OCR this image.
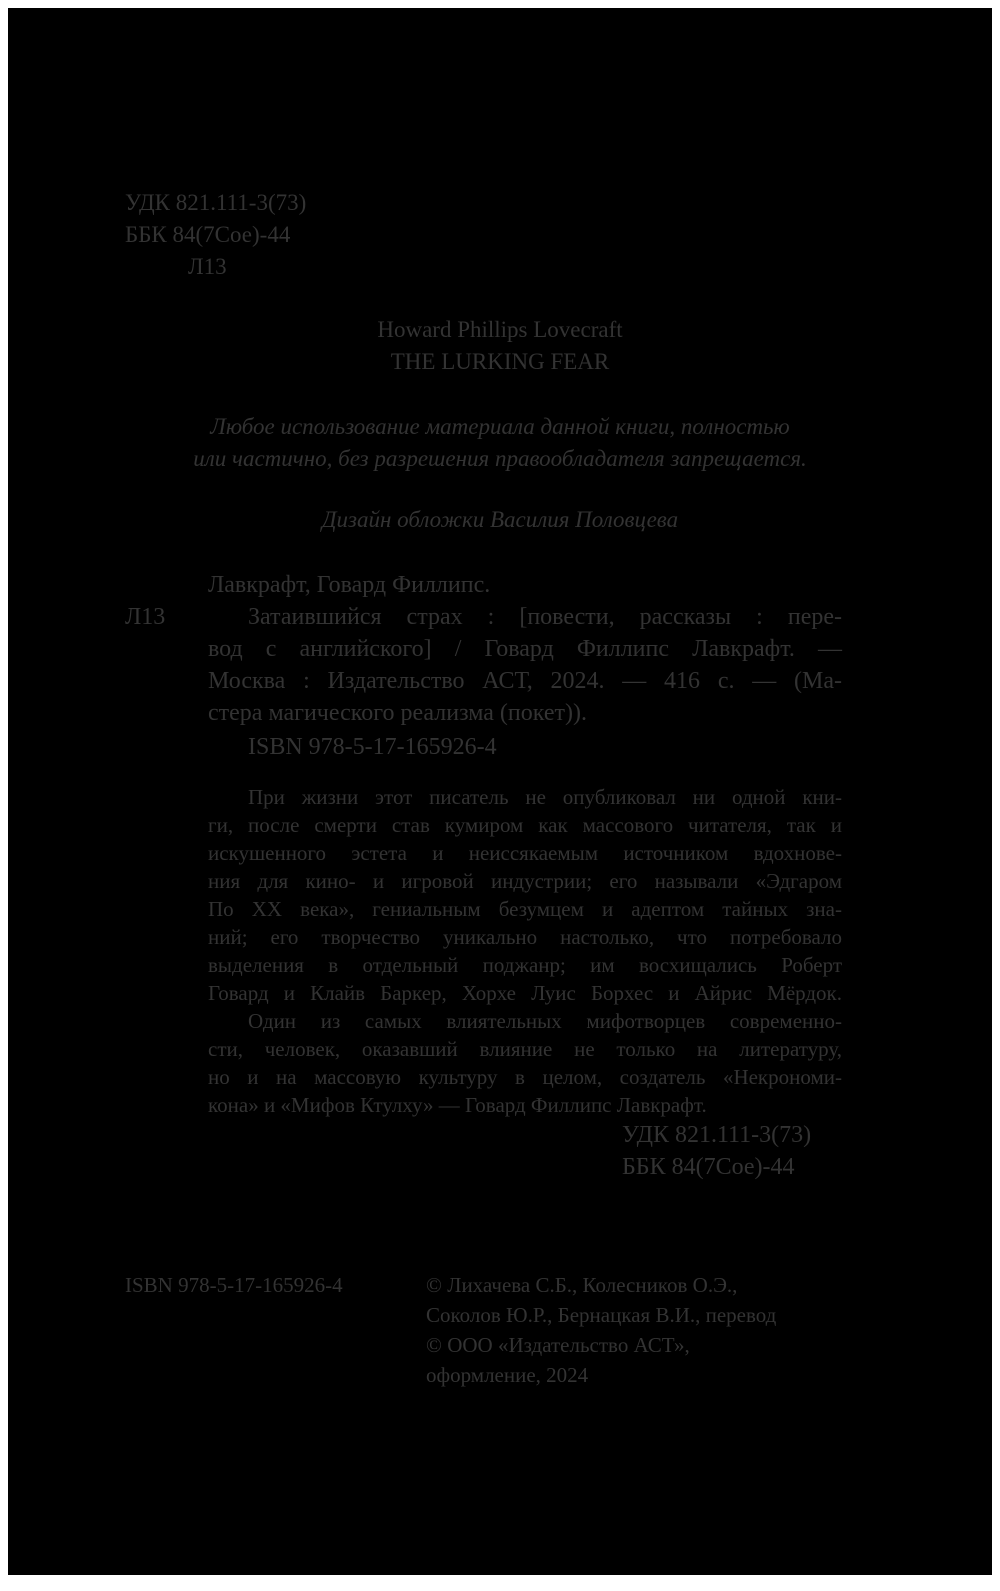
УДК 821.111-3(73)

ББК 84(7Сое)-44

Л13

Howard Phillips Lovecraft

THE LURKING FEAR

Любое использование материала данной книги, полностью

или частично, без разрешения правообладателя запрещается.

Дизайн обложки Василия Половцева

Лавкрафт, Говард Филлипс.

Л13	Затаившийся страх : [повести, рассказы : пере-

вод с английского] / Говард Филлипс Лавкрафт. —

Москва : Издательство АСТ, 2024. — 416 с. — (Ма-

стера магического реализма (покет)).

ISBN 978-5-17-165926-4

При жизни этот писатель не опубликовал ни одной кни-

ги, после смерти став кумиром как массового читателя, так и

искушенного эстета и неиссякаемым источником вдохнове-

ния для кино- и игровой индустрии; его называли «Эдгаром

По XX века», гениальным безумцем и адептом тайных зна-

ний; его творчество уникально настолько, что потребовало

выделения в отдельный поджанр; им восхищались Роберт

Говард и Клайв Баркер, Хорхе Луис Борхес и Айрис Мёрдок.

Один из самых влиятельных мифотворцев современно-

сти, человек, оказавший влияние не только на литературу,

но и на массовую культуру в целом, создатель «Некрономи-

кона» и «Мифов Ктулху» — Говард Филлипс Лавкрафт.

УДК 821.111-3(73)

ББК 84(7Сое)-44

ISBN 978-5-17-165926-4	© Лихачева С.Б., Колесников О.Э.,

Соколов Ю.Р., Бернацкая В.И., перевод

© ООО «Издательство АСТ»,

оформление, 2024
